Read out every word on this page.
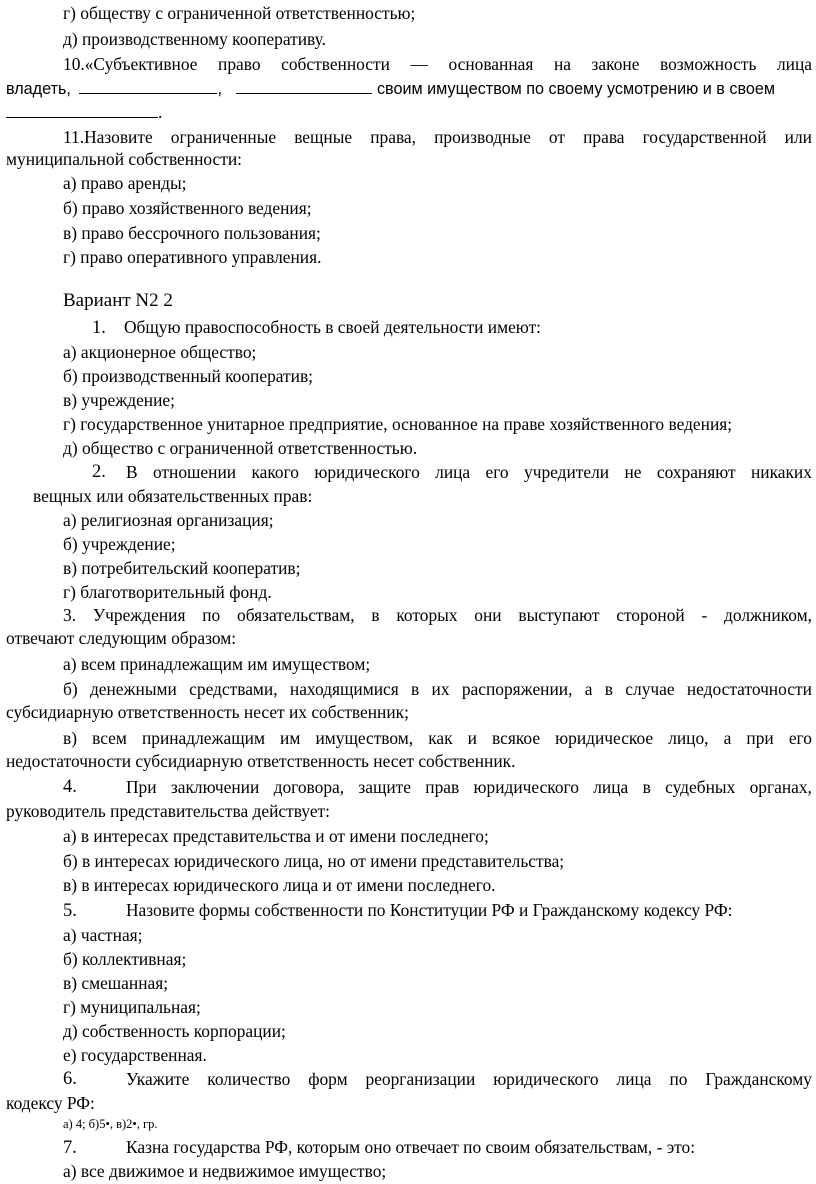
г) обществу с ограниченной ответственностью;
д) производственному кооперативу.
10.«Субъективное право собственности — основанная на законе возможность лица
владеть,	,	своим имуществом по своему усмотрению и в своем
.
11.Назовите ограниченные вещные права, производные от права государственной или
муниципальной собственности:
а) право аренды;
б) право хозяйственного ведения;
в) право бессрочного пользования;
г) право оперативного управления.
Вариант N2 2
1. Общую правоспособность в своей деятельности имеют:
а) акционерное общество;
б) производственный кооператив;
в) учреждение;
г) государственное унитарное предприятие, основанное на праве хозяйственного ведения;
д) общество с ограниченной ответственностью.
2. В отношении какого юридического лица его учредители не сохраняют никаких
вещных или обязательственных прав:
а) религиозная организация;
б) учреждение;
в) потребительский кооператив;
г) благотворительный фонд.
3. Учреждения по обязательствам, в которых они выступают стороной - должником,
отвечают следующим образом:
а) всем принадлежащим им имуществом;
б) денежными средствами, находящимися в их распоряжении, а в случае недостаточности
субсидиарную ответственность несет их собственник;
в) всем принадлежащим им имуществом, как и всякое юридическое лицо, а при его
недостаточности субсидиарную ответственность несет собственник.
4.	При заключении договора, защите прав юридического лица в судебных органах,
руководитель представительства действует:
а) в интересах представительства и от имени последнего;
б) в интересах юридического лица, но от имени представительства;
в) в интересах юридического лица и от имени последнего.
5.	Назовите формы собственности по Конституции РФ и Гражданскому кодексу РФ:
а) частная;
б) коллективная;
в) смешанная;
г) муниципальная;
д) собственность корпорации;
е) государственная.
6.	Укажите количество форм реорганизации юридического лица по Гражданскому
кодексу РФ:
а) 4; б)5•, в)2•, гр.
7.	Казна государства РФ, которым оно отвечает по своим обязательствам, - это:
а) все движимое и недвижимое имущество;
